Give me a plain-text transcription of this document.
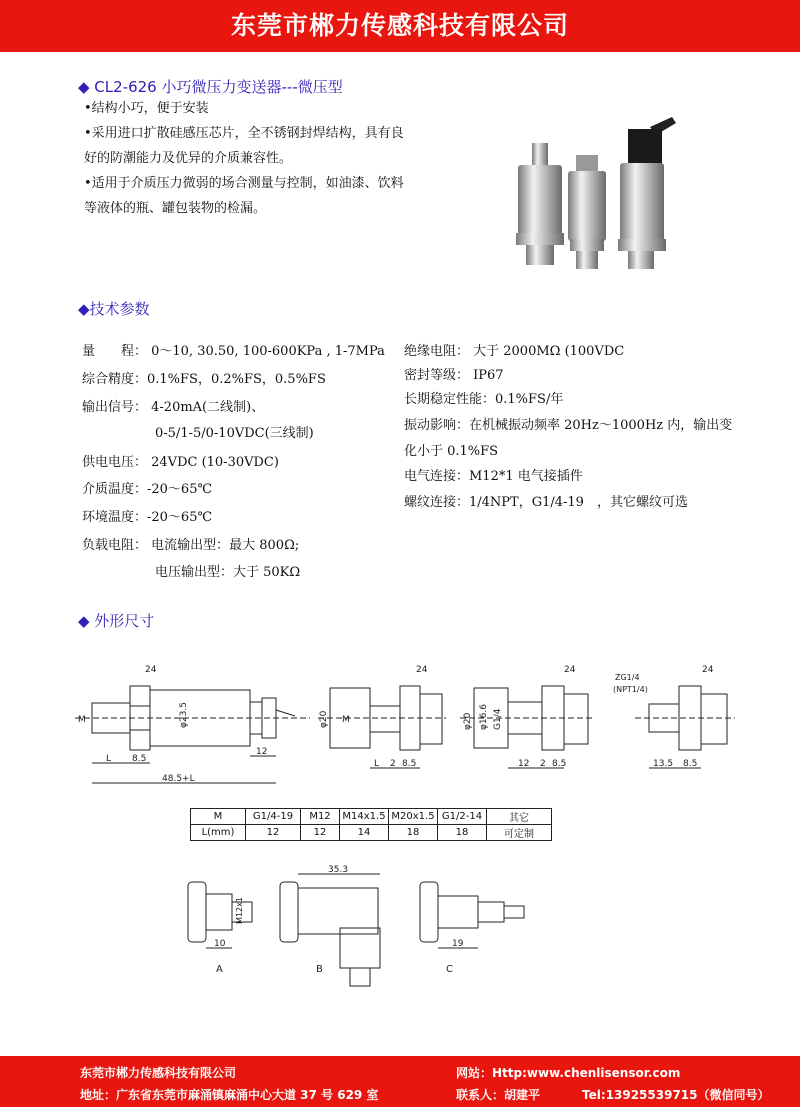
东莞市郴力传感科技有限公司
◆ CL2-626 小巧微压力变送器---微压型
•结构小巧，便于安装
•采用进口扩散硅感压芯片，全不锈钢封焊结构，具有良
好的防潮能力及优异的介质兼容性。
•适用于介质压力微弱的场合测量与控制，如油漆、饮料
等液体的瓶、罐包装物的检漏。
◆技术参数
量　　程： 0～10, 30.50, 100-600KPa , 1-7MPa
综合精度：0.1%FS，0.2%FS，0.5%FS
输出信号： 4-20mA(二线制)、
0-5/1-5/0-10VDC(三线制)
供电电压： 24VDC (10-30VDC)
介质温度：-20～65℃
环境温度：-20～65℃
负载电阻： 电流输出型：最大 800Ω;
电压输出型：大于 50KΩ
绝缘电阻： 大于 2000MΩ (100VDC
密封等级： IP67
长期稳定性能：0.1%FS/年
振动影响：在机械振动频率 20Hz～1000Hz 内，输出变
化小于 0.1%FS
电气连接：M12*1 电气接插件
螺纹连接：1/4NPT，G1/4-19　，其它螺纹可选
◆ 外形尺寸
24
M	φ23.5
L 8.5
12
48.5+L
24
φ20 M
L 2 8.5
24
φ20 φ16.6 G1/4
12 2 8.5
24
ZG1/4
(NPT1/4)
13.5 8.5
M	G1/4-19	M12	M14x1.5	M20x1.5	G1/2-14	其它
L(mm)	12	12	14	18	18	可定制
M12x1
10
A
35.3
B
19
C
东莞市郴力传感科技有限公司	网站：Http:www.chenlisensor.com
地址：广东省东莞市麻涌镇麻涌中心大道 37 号 629 室	联系人：胡建平	Tel:13925539715（微信同号）
